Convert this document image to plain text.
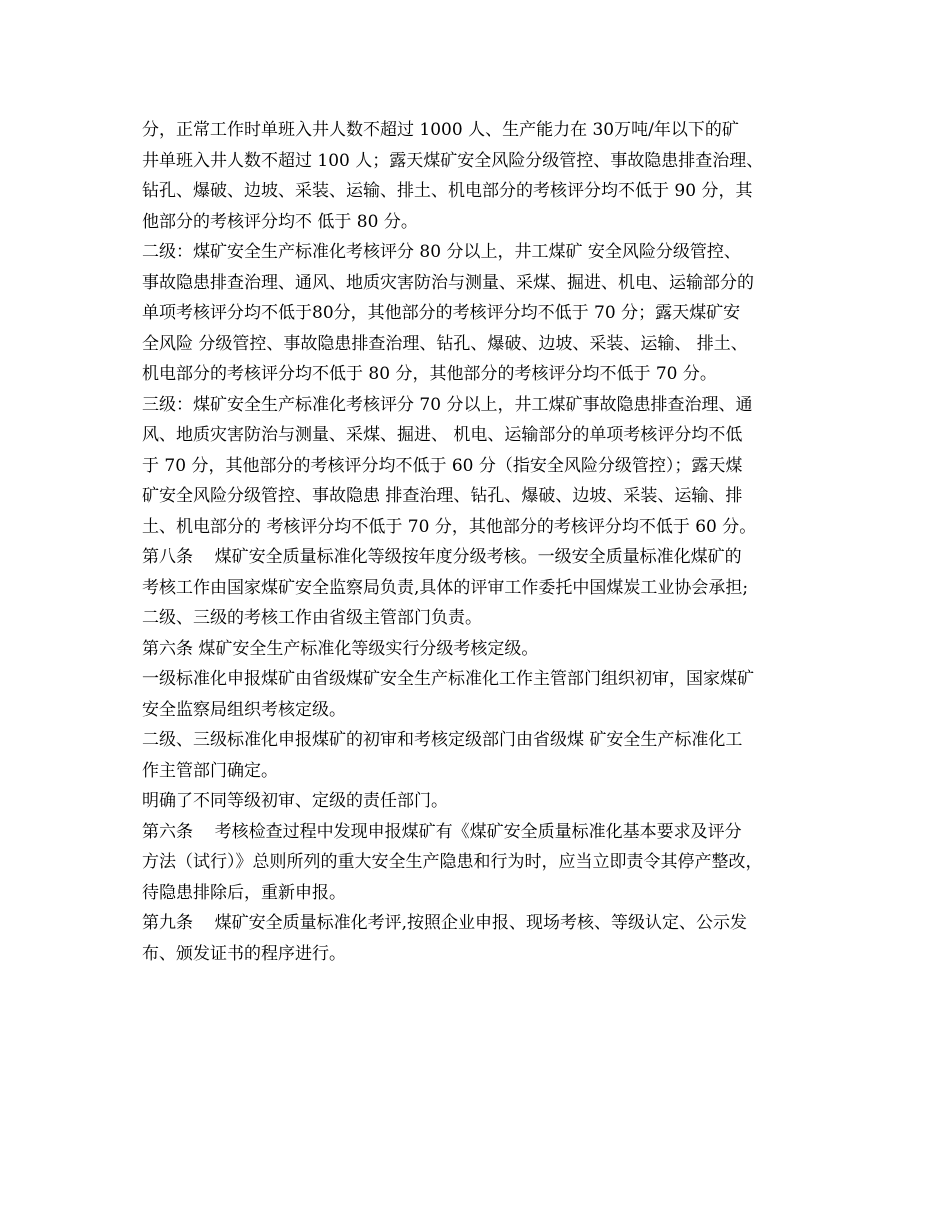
分，正常工作时单班入井人数不超过 1000 人、生产能力在 30万吨/年以下的矿
井单班入井人数不超过 100 人；露天煤矿安全风险分级管控、事故隐患排查治理、
钻孔、爆破、边坡、采装、运输、排土、机电部分的考核评分均不低于 90 分，其
他部分的考核评分均不 低于 80 分。
二级：煤矿安全生产标准化考核评分 80 分以上，井工煤矿 安全风险分级管控、
事故隐患排查治理、通风、地质灾害防治与测量、采煤、掘进、机电、运输部分的
单项考核评分均不低于80分，其他部分的考核评分均不低于 70 分；露天煤矿安
全风险 分级管控、事故隐患排查治理、钻孔、爆破、边坡、采装、运输、 排土、
机电部分的考核评分均不低于 80 分，其他部分的考核评分均不低于 70 分。
三级：煤矿安全生产标准化考核评分 70 分以上，井工煤矿事故隐患排查治理、通
风、地质灾害防治与测量、采煤、掘进、 机电、运输部分的单项考核评分均不低
于 70 分，其他部分的考核评分均不低于 60 分（指安全风险分级管控）；露天煤
矿安全风险分级管控、事故隐患 排查治理、钻孔、爆破、边坡、采装、运输、排
土、机电部分的 考核评分均不低于 70 分，其他部分的考核评分均不低于 60 分。
第八条    煤矿安全质量标准化等级按年度分级考核。一级安全质量标准化煤矿的
考核工作由国家煤矿安全监察局负责,具体的评审工作委托中国煤炭工业协会承担;
二级、三级的考核工作由省级主管部门负责。
第六条 煤矿安全生产标准化等级实行分级考核定级。
一级标准化申报煤矿由省级煤矿安全生产标准化工作主管部门组织初审，国家煤矿
安全监察局组织考核定级。
二级、三级标准化申报煤矿的初审和考核定级部门由省级煤 矿安全生产标准化工
作主管部门确定。
明确了不同等级初审、定级的责任部门。
第六条    考核检查过程中发现申报煤矿有《煤矿安全质量标准化基本要求及评分
方法（试行）》总则所列的重大安全生产隐患和行为时，应当立即责令其停产整改，
待隐患排除后，重新申报。
第九条    煤矿安全质量标准化考评,按照企业申报、现场考核、等级认定、公示发
布、颁发证书的程序进行。
